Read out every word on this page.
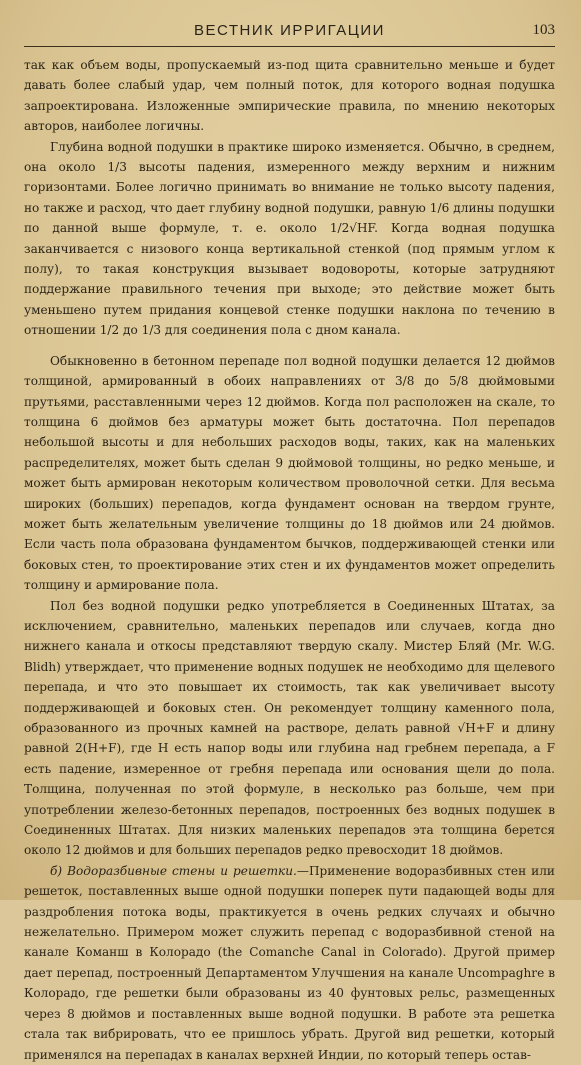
ВЕСТНИК ИРРИГАЦИИ	103

так как объем воды, пропускаемый из-под щита сравнительно меньше и будет давать более слабый удар, чем полный поток, для которого водная подушка запроектирована. Изложенные эмпирические правила, по мнению некоторых авторов, наиболее логичны.

Глубина водной подушки в практике широко изменяется. Обычно, в среднем, она около 1/3 высоты падения, измеренного между верхним и нижним горизонтами. Более логично принимать во внимание не только высоту падения, но также и расход, что дает глубину водной подушки, равную 1/6 длины подушки по данной выше формуле, т. е. около 1/2√HF. Когда водная подушка заканчивается с низового конца вертикальной стенкой (под прямым углом к полу), то такая конструкция вызывает водовороты, которые затрудняют поддержание правильного течения при выходе; это действие может быть уменьшено путем придания концевой стенке подушки наклона по течению в отношении 1/2 до 1/3 для соединения пола с дном канала.

Обыкновенно в бетонном перепаде пол водной подушки делается 12 дюймов толщиной, армированный в обоих направлениях от 3/8 до 5/8 дюймовыми прутьями, расставленными через 12 дюймов. Когда пол расположен на скале, то толщина 6 дюймов без арматуры может быть достаточна. Пол перепадов небольшой высоты и для небольших расходов воды, таких, как на маленьких распределителях, может быть сделан 9 дюймовой толщины, но редко меньше, и может быть армирован некоторым количеством проволочной сетки. Для весьма широких (больших) перепадов, когда фундамент основан на твердом грунте, может быть желательным увеличение толщины до 18 дюймов или 24 дюймов. Если часть пола образована фундаментом бычков, поддерживающей стенки или боковых стен, то проектирование этих стен и их фундаментов может определить толщину и армирование пола.

Пол без водной подушки редко употребляется в Соединенных Штатах, за исключением, сравнительно, маленьких перепадов или случаев, когда дно нижнего канала и откосы представляют твердую скалу. Мистер Бляй (Mr. W.G. Blidh) утверждает, что применение водных подушек не необходимо для щелевого перепада, и что это повышает их стоимость, так как увеличивает высоту поддерживающей и боковых стен. Он рекомендует толщину каменного пола, образованного из прочных камней на растворе, делать равной √H+F и длину равной 2(H+F), где H есть напор воды или глубина над гребнем перепада, а F есть падение, измеренное от гребня перепада или основания щели до пола. Толщина, полученная по этой формуле, в несколько раз больше, чем при употреблении железо-бетонных перепадов, построенных без водных подушек в Соединенных Штатах. Для низких маленьких перепадов эта толщина берется около 12 дюймов и для больших перепадов редко превосходит 18 дюймов.

б) Водоразбивные стены и решетки.—Применение водоразбивных стен или решеток, поставленных выше одной подушки поперек пути падающей воды для раздробления потока воды, практикуется в очень редких случаях и обычно нежелательно. Примером может служить перепад с водоразбивной стеной на канале Команш в Колорадо (the Comanche Canal in Colorado). Другой пример дает перепад, построенный Департаментом Улучшения на канале Uncompaghre в Колорадо, где решетки были образованы из 40 фунтовых рельс, размещенных через 8 дюймов и поставленных выше водной подушки. В работе эта решетка стала так вибрировать, что ее пришлось убрать. Другой вид решетки, который применялся на перепадах в каналах верхней Индии, по который теперь остав-
